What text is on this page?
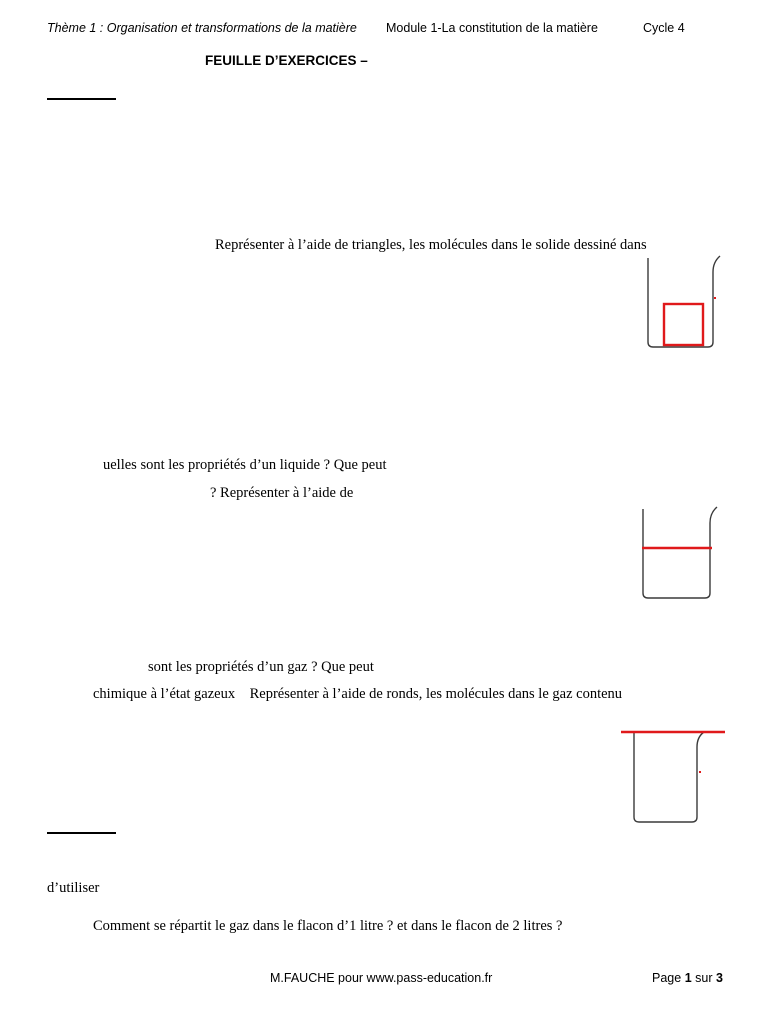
Thème 1 : Organisation et transformations de la matière Module 1-La constitution de la matière	Cycle 4
FEUILLE D’EXERCICES –
Représenter à l’aide de triangles, les molécules dans le solide dessiné dans
uelles sont les propriétés d’un liquide ? Que peut
? Représenter à l’aide de
sont les propriétés d’un gaz ? Que peut
chimique à l’état gazeux    Représenter à l’aide de ronds, les molécules dans le gaz contenu
d’utiliser
Comment se répartit le gaz dans le flacon d’1 litre ? et dans le flacon de 2 litres ?
M.FAUCHE pour www.pass-education.fr	Page 1 sur 3
